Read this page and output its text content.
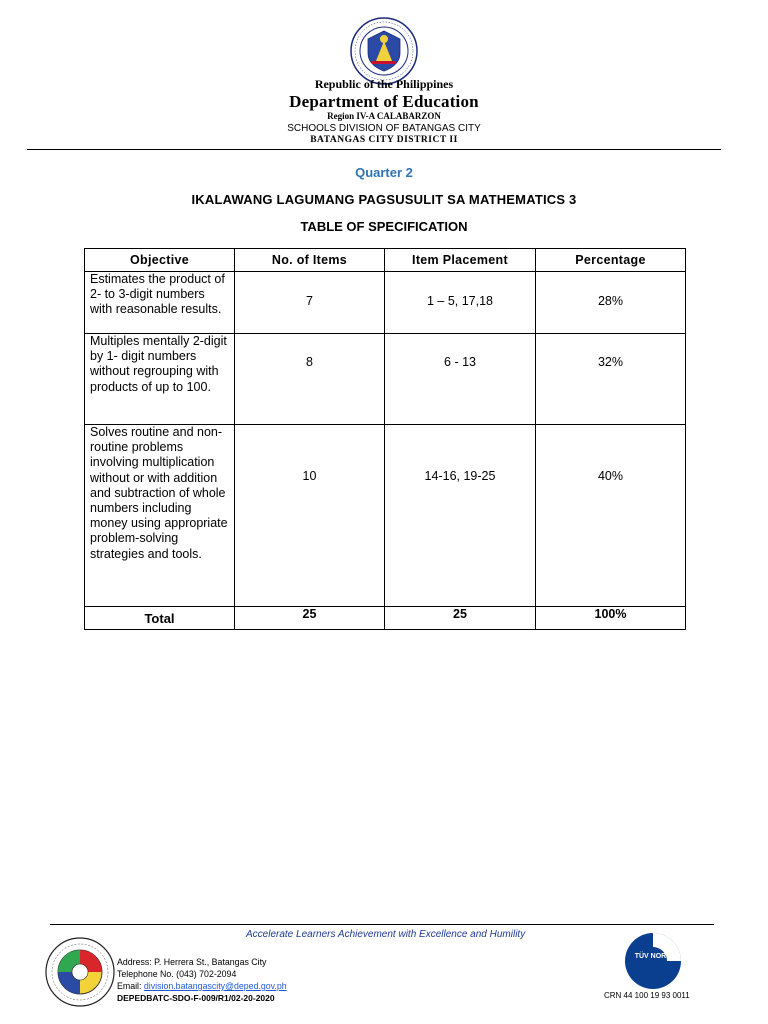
Republic of the Philippines
Department of Education
Region IV-A CALABARZON
SCHOOLS DIVISION OF BATANGAS CITY
BATANGAS CITY DISTRICT II
Quarter 2
IKALAWANG LAGUMANG PAGSUSULIT SA MATHEMATICS 3
TABLE OF SPECIFICATION
Objective	No. of Items	Item Placement	Percentage
Estimates the product of 2- to 3-digit numbers with reasonable results.	7	1 – 5, 17,18	28%

Multiples mentally 2-digit by 1- digit numbers without regrouping with products of up to 100.	8	6 - 13	32%

Solves routine and non-routine problems involving multiplication without or with addition and subtraction of whole numbers including money using appropriate problem-solving strategies and tools.	10	14-16, 19-25	40%

Total	25	25	100%
Accelerate Learners Achievement with Excellence and Humility
Address: P. Herrera St., Batangas City
Telephone No. (043) 702-2094
Email: division.batangascity@deped.gov.ph
DEPEDBATC-SDO-F-009/R1/02-20-2020
TÜV NORD
CRN 44 100 19 93 0011
